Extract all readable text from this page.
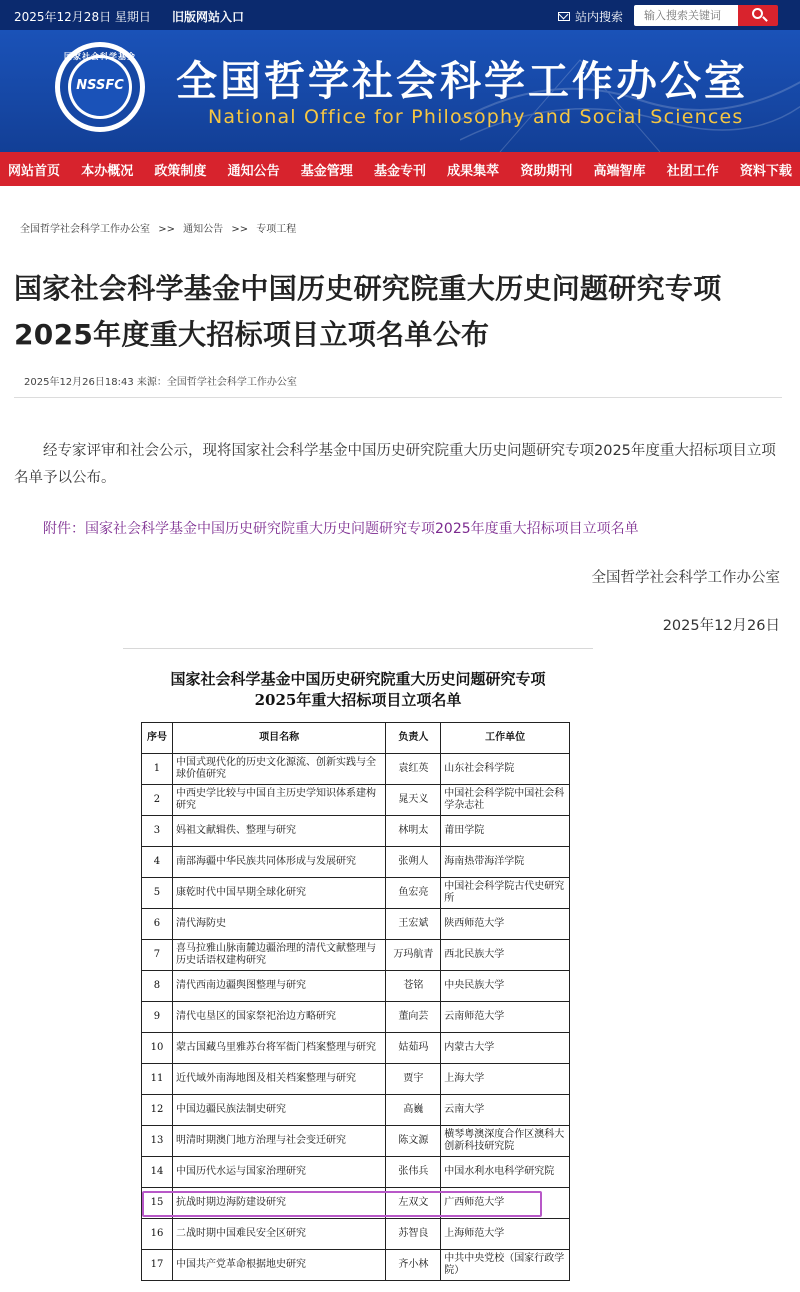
2025年12月28日 星期日 旧版网站入口	站内搜索
输入搜索关键词
国家社会科学基金
NSSFC	全国哲学社会科学工作办公室
National Office for Philosophy and Social Sciences
网站首页 本办概况 政策制度 通知公告 基金管理 基金专刊 成果集萃 资助期刊 高端智库 社团工作 资料下载
全国哲学社会科学工作办公室 >> 通知公告 >> 专项工程
国家社会科学基金中国历史研究院重大历史问题研究专项2025年度重大招标项目立项名单公布
2025年12月26日18:43 来源：全国哲学社会科学工作办公室
经专家评审和社会公示，现将国家社会科学基金中国历史研究院重大历史问题研究专项2025年度重大招标项目立项名单予以公布。
附件：国家社会科学基金中国历史研究院重大历史问题研究专项2025年度重大招标项目立项名单
全国哲学社会科学工作办公室
2025年12月26日
国家社会科学基金中国历史研究院重大历史问题研究专项
2025年重大招标项目立项名单
序号	项目名称	负责人	工作单位
1	中国式现代化的历史文化源流、创新实践与全球价值研究	袁红英	山东社会科学院
2	中西史学比较与中国自主历史学知识体系建构研究	晁天义	中国社会科学院中国社会科学杂志社
3	妈祖文献辑佚、整理与研究	林明太	莆田学院
4	南部海疆中华民族共同体形成与发展研究	张朔人	海南热带海洋学院
5	康乾时代中国早期全球化研究	鱼宏亮	中国社会科学院古代史研究所
6	清代海防史	王宏斌	陕西师范大学
7	喜马拉雅山脉南麓边疆治理的清代文献整理与历史话语权建构研究	万玛航青	西北民族大学
8	清代西南边疆舆图整理与研究	苍铭	中央民族大学
9	清代屯垦区的国家祭祀治边方略研究	董向芸	云南师范大学
10	蒙古国藏乌里雅苏台将军衙门档案整理与研究	姑茹玛	内蒙古大学
11	近代域外南海地图及相关档案整理与研究	贾宇	上海大学
12	中国边疆民族法制史研究	高巍	云南大学
13	明清时期澳门地方治理与社会变迁研究	陈文源	横琴粤澳深度合作区澳科大创新科技研究院
14	中国历代水运与国家治理研究	张伟兵	中国水利水电科学研究院
15	抗战时期边海防建设研究	左双文	广西师范大学
16	二战时期中国难民安全区研究	苏智良	上海师范大学
17	中国共产党革命根据地史研究	齐小林	中共中央党校（国家行政学院）
